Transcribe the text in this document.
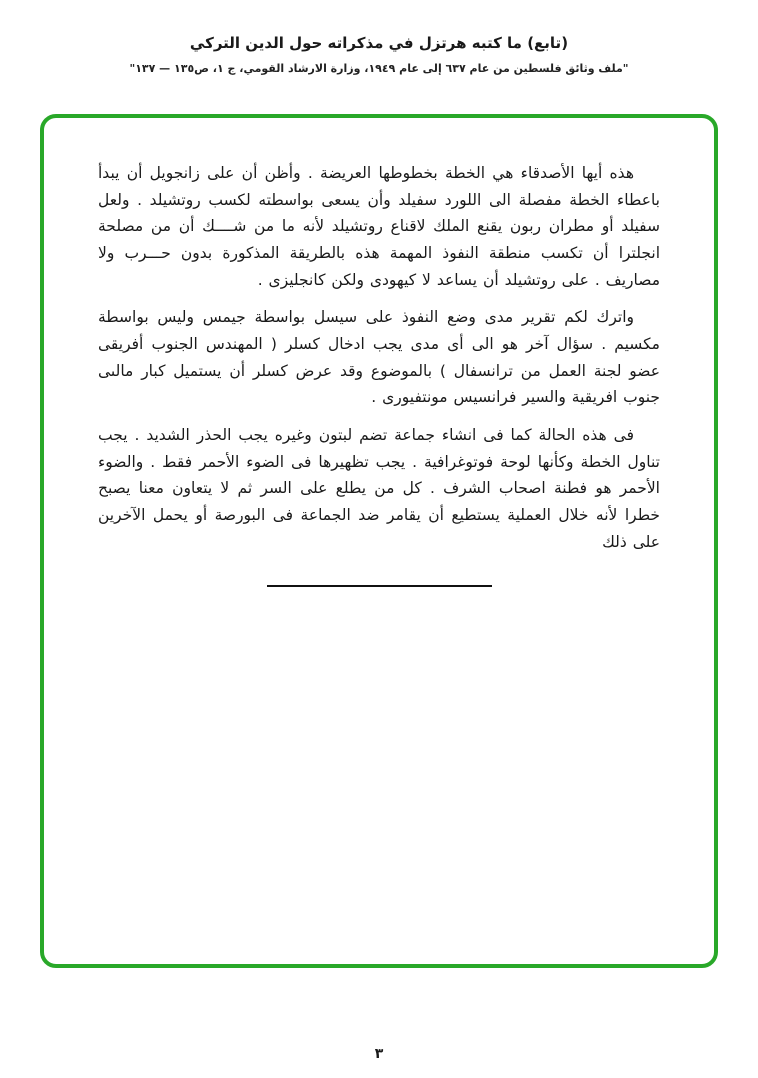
(تابع) ما كتبه هرتزل في مذكراته حول الدين التركي
"ملف وثائق فلسطين من عام ٦٣٧ إلى عام ١٩٤٩، وزارة الارشاد القومي، ج ١، ص١٣٥ — ١٣٧"

هذه أيها الأصدقاء هي الخطة بخطوطها العريضة . وأظن أن على زانجويل أن يبدأ باعطاء الخطة مفصلة الى اللورد سفيلد وأن يسعى بواسطته لكسب روتشيلد . ولعل سفيلد أو مطران ربون يقنع الملك لاقناع روتشيلد لأنه ما من شــــك أن من مصلحة انجلترا أن تكسب منطقة النفوذ المهمة هذه بالطريقة المذكورة بدون حـــرب ولا مصاريف . على روتشيلد أن يساعد لا كيهودى ولكن كانجليزى .

واترك لكم تقرير مدى وضع النفوذ على سيسل بواسطة جيمس وليس بواسطة مكسيم . سؤال آخر هو الى أى مدى يجب ادخال كسلر ( المهندس الجنوب أفريقى عضو لجنة العمل من ترانسفال ) بالموضوع وقد عرض كسلر أن يستميل كبار مالىى جنوب افريقية والسير فرانسيس مونتفيورى .

فى هذه الحالة كما فى انشاء جماعة تضم لبتون وغيره يجب الحذر الشديد . يجب تناول الخطة وكأنها لوحة فوتوغرافية . يجب تظهيرها فى الضوء الأحمر فقط . والضوء الأحمر هو فطنة اصحاب الشرف . كل من يطلع على السر ثم لا يتعاون معنا يصبح خطرا لأنه خلال العملية يستطيع أن يقامر ضد الجماعة فى البورصة أو يحمل الآخرين على ذلك

٣
